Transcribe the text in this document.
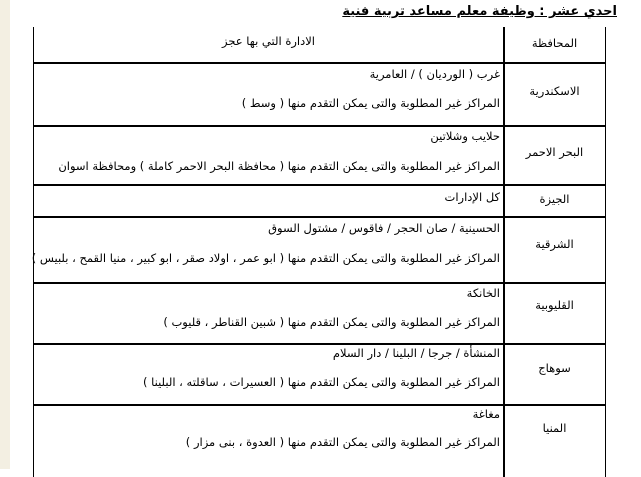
احدي عشر : وظيفة معلم مساعد تربية فنية
المحافظة
الادارة التي بها عجز
الاسكندرية
غرب ( الورديان ) / العامرية
المراكز غير المطلوبة والتى يمكن التقدم منها ( وسط )
البحر الاحمر
حلايب وشلاتين
المراكز غير المطلوبة والتى يمكن التقدم منها ( محافظة البحر الاحمر كاملة ) ومحافظة اسوان
الجيزة
كل الإدارات
الشرقية
الحسينية / صان الحجر / فاقوس / مشتول السوق
المراكز غير المطلوبة والتى يمكن التقدم منها ( ابو عمر ، اولاد صقر ، ابو كبير ، منيا القمح ، بلبيس )
القليوبية
الخانكة
المراكز غير المطلوبة والتى يمكن التقدم منها ( شبين القناطر ، قليوب )
سوهاج
المنشأة / جرجا / البلينا / دار السلام
المراكز غير المطلوبة والتى يمكن التقدم منها ( العسيرات ، ساقلته ، البلينا )
المنيا
مغاغة
المراكز غير المطلوبة والتى يمكن التقدم منها ( العدوة ، بنى مزار )
